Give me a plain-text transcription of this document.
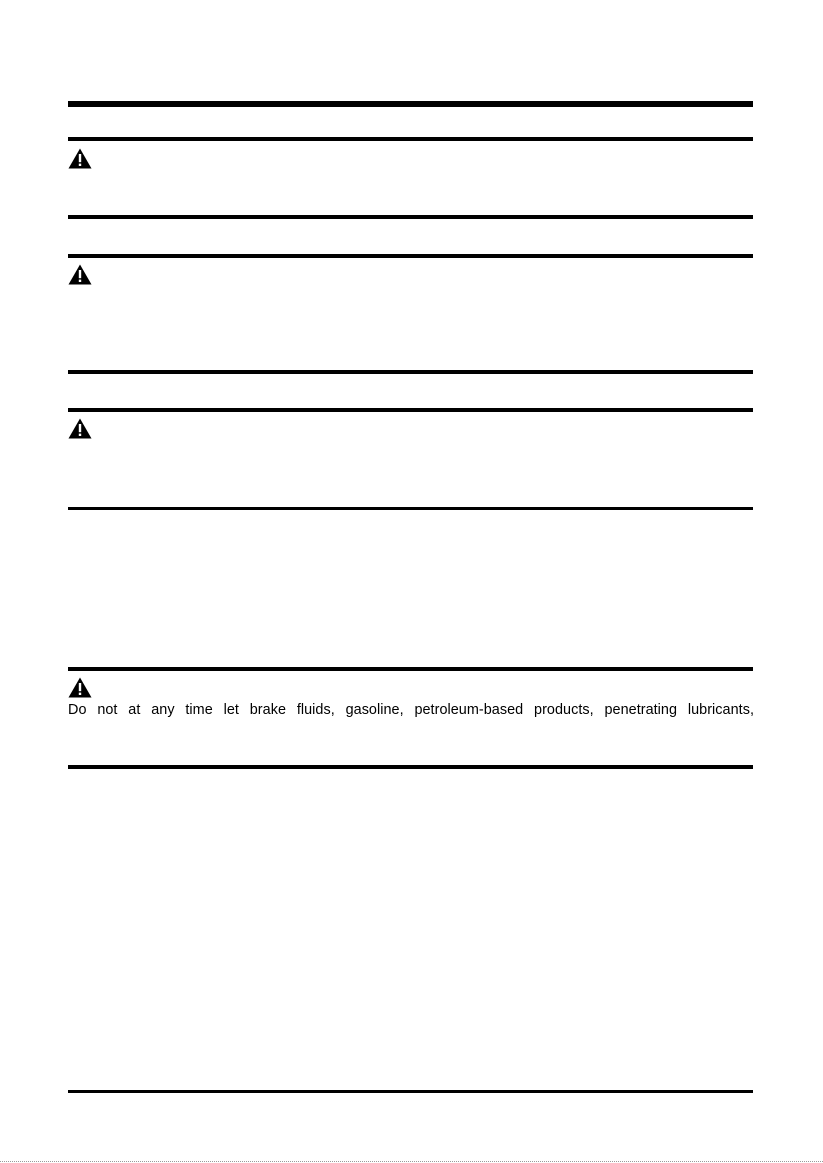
Do not at any time let brake fluids, gasoline, petroleum-based products, penetrating lubricants,
